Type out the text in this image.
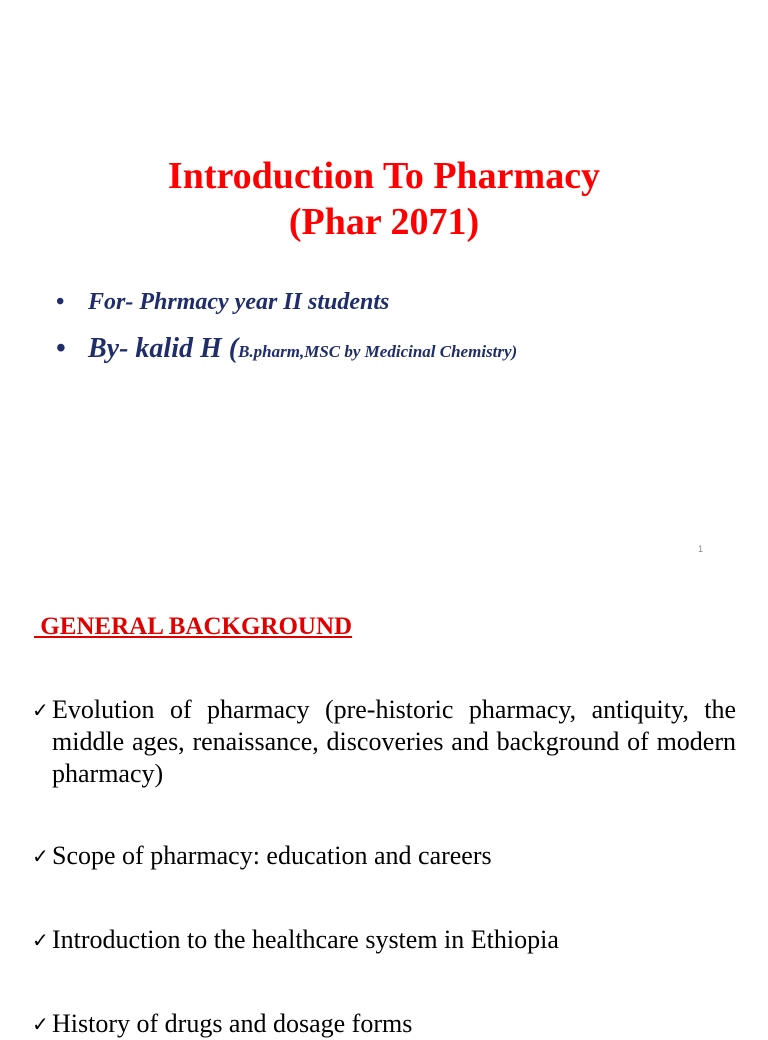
Introduction To Pharmacy
(Phar 2071)
• For- Phrmacy year II students
• By- kalid H (B.pharm,MSC by Medicinal Chemistry)
1
GENERAL BACKGROUND
✓ Evolution of pharmacy (pre-historic pharmacy, antiquity, the middle ages, renaissance, discoveries and background of modern pharmacy)
✓ Scope of pharmacy: education and careers
✓ Introduction to the healthcare system in Ethiopia
✓ History of drugs and dosage forms
